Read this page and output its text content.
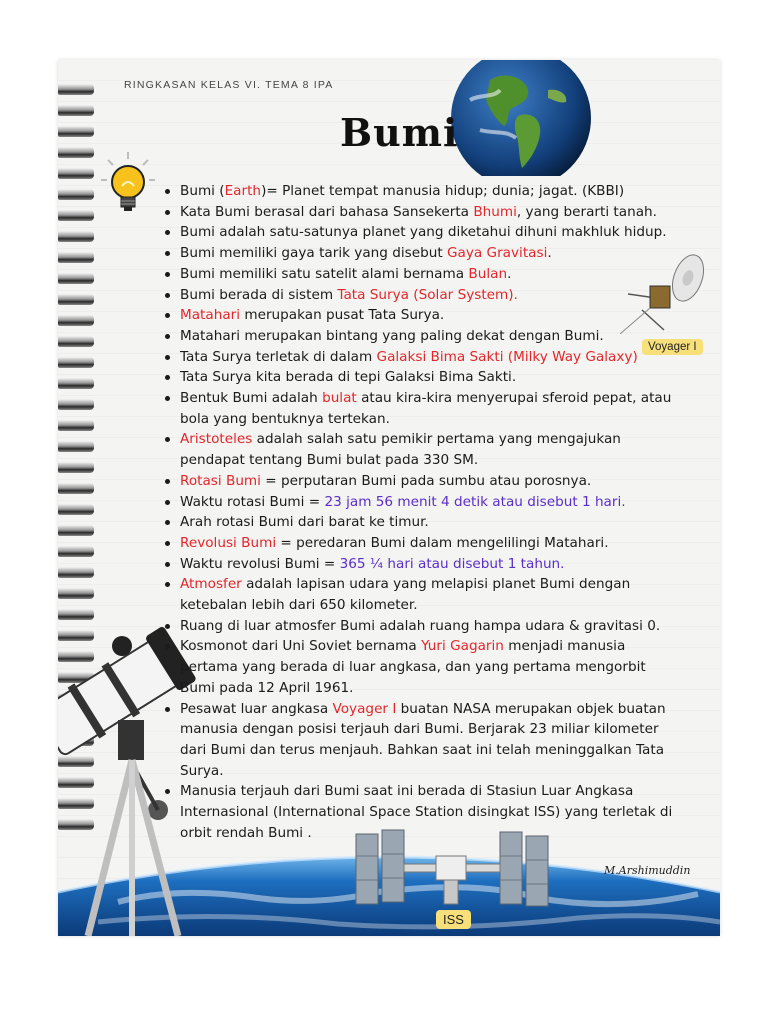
RINGKASAN KELAS VI. TEMA 8 IPA
Bumi
Voyager I
ISS
M.Arshimuddin
Bumi (Earth)= Planet tempat manusia hidup; dunia; jagat. (KBBI)
Kata Bumi berasal dari bahasa Sansekerta Bhumi, yang berarti tanah.
Bumi adalah satu-satunya planet yang diketahui dihuni makhluk hidup.
Bumi memiliki gaya tarik yang disebut Gaya Gravitasi.
Bumi memiliki satu satelit alami bernama Bulan.
Bumi berada di sistem Tata Surya (Solar System).
Matahari merupakan pusat Tata Surya.
Matahari merupakan bintang yang paling dekat dengan Bumi.
Tata Surya terletak di dalam Galaksi Bima Sakti (Milky Way Galaxy)
Tata Surya kita berada di tepi Galaksi Bima Sakti.
Bentuk Bumi adalah bulat atau kira-kira menyerupai sferoid pepat, atau bola yang bentuknya tertekan.
Aristoteles adalah salah satu pemikir pertama yang mengajukan pendapat tentang Bumi bulat pada 330 SM.
Rotasi Bumi = perputaran Bumi pada sumbu atau porosnya.
Waktu rotasi Bumi = 23 jam 56 menit 4 detik atau disebut 1 hari.
Arah rotasi Bumi dari barat ke timur.
Revolusi Bumi = peredaran Bumi dalam mengelilingi Matahari.
Waktu revolusi Bumi = 365 ¼ hari atau disebut 1 tahun.
Atmosfer adalah lapisan udara yang melapisi planet Bumi dengan ketebalan lebih dari 650 kilometer.
Ruang di luar atmosfer Bumi adalah ruang hampa udara & gravitasi 0.
Kosmonot dari Uni Soviet bernama Yuri Gagarin menjadi manusia pertama yang berada di luar angkasa, dan yang pertama mengorbit Bumi pada 12 April 1961.
Pesawat luar angkasa Voyager I buatan NASA merupakan objek buatan manusia dengan posisi terjauh dari Bumi. Berjarak 23 miliar kilometer dari Bumi dan terus menjauh. Bahkan saat ini telah meninggalkan Tata Surya.
Manusia terjauh dari Bumi saat ini berada di Stasiun Luar Angkasa Internasional (International Space Station disingkat ISS) yang terletak di orbit rendah Bumi .
